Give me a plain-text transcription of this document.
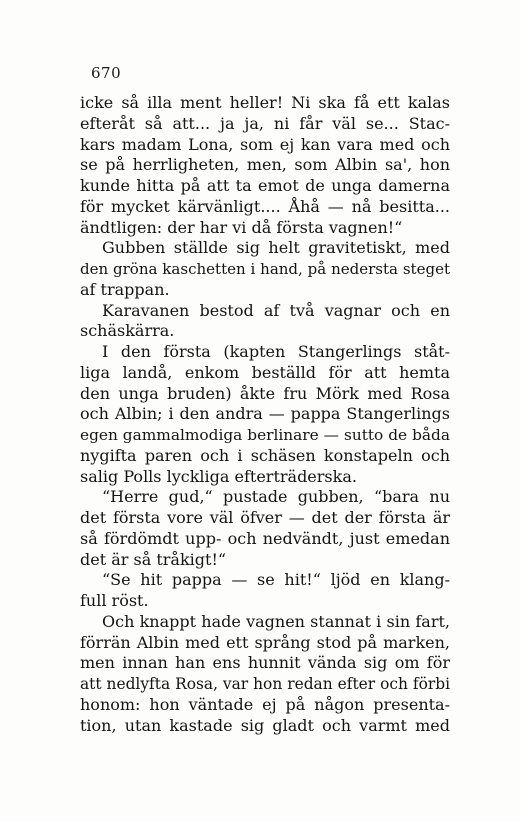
670
icke så illa ment heller! Ni ska få ett kalas
efteråt så att... ja ja, ni får väl se... Stac-
kars madam Lona, som ej kan vara med och
se på herrligheten, men, som Albin sa', hon
kunde hitta på att ta emot de unga damerna
för mycket kärvänligt.... Åhå — nå besitta...
ändtligen: der har vi då första vagnen!“
Gubben ställde sig helt gravitetiskt, med
den gröna kaschetten i hand, på nedersta steget
af trappan.
Karavanen bestod af två vagnar och en
schäskärra.
I den första (kapten Stangerlings ståt-
liga landå, enkom beställd för att hemta
den unga bruden) åkte fru Mörk med Rosa
och Albin; i den andra — pappa Stangerlings
egen gammalmodiga berlinare — sutto de båda
nygifta paren och i schäsen konstapeln och
salig Polls lyckliga efterträderska.
“Herre gud,“ pustade gubben, “bara nu
det första vore väl öfver — det der första är
så fördömdt upp- och nedvändt, just emedan
det är så tråkigt!“
“Se hit pappa — se hit!“ ljöd en klang-
full röst.
Och knappt hade vagnen stannat i sin fart,
förrän Albin med ett språng stod på marken,
men innan han ens hunnit vända sig om för
att nedlyfta Rosa, var hon redan efter och förbi
honom: hon väntade ej på någon presenta-
tion, utan kastade sig gladt och varmt med
